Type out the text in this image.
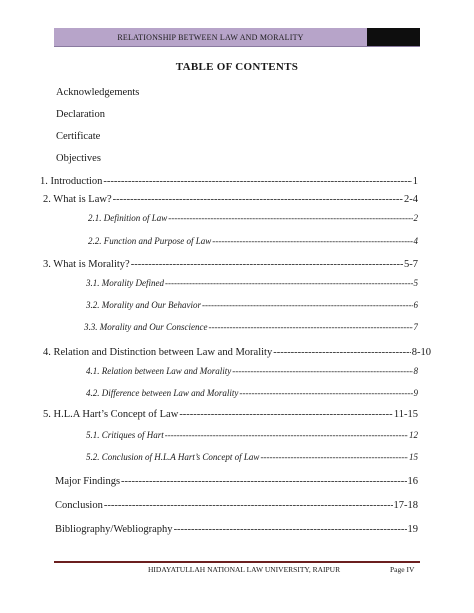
RELATIONSHIP BETWEEN LAW AND MORALITY
TABLE OF CONTENTS
Acknowledgements
Declaration
Certificate
Objectives
1. Introduction -----	1
2. What is Law? -----	2-4
2.1. Definition of Law -----	2
2.2. Function and Purpose of Law -----	4
3. What is Morality? -----	5-7
3.1. Morality Defined -----	5
3.2. Morality and Our Behavior -----	6
3.3. Morality and Our Conscience -----	7
4. Relation and Distinction between Law and Morality -----	8-10
4.1. Relation between Law and Morality -----	8
4.2. Difference between Law and Morality -----	9
5. H.L.A Hart’s Concept of Law -----	11-15
5.1. Critiques of Hart -----	12
5.2. Conclusion of H.L.A Hart’s Concept of Law -----	15
Major Findings -----	16
Conclusion -----	17-18
Bibliography/Webliography -----	19
HIDAYATULLAH NATIONAL LAW UNIVERSITY, RAIPUR	Page IV
